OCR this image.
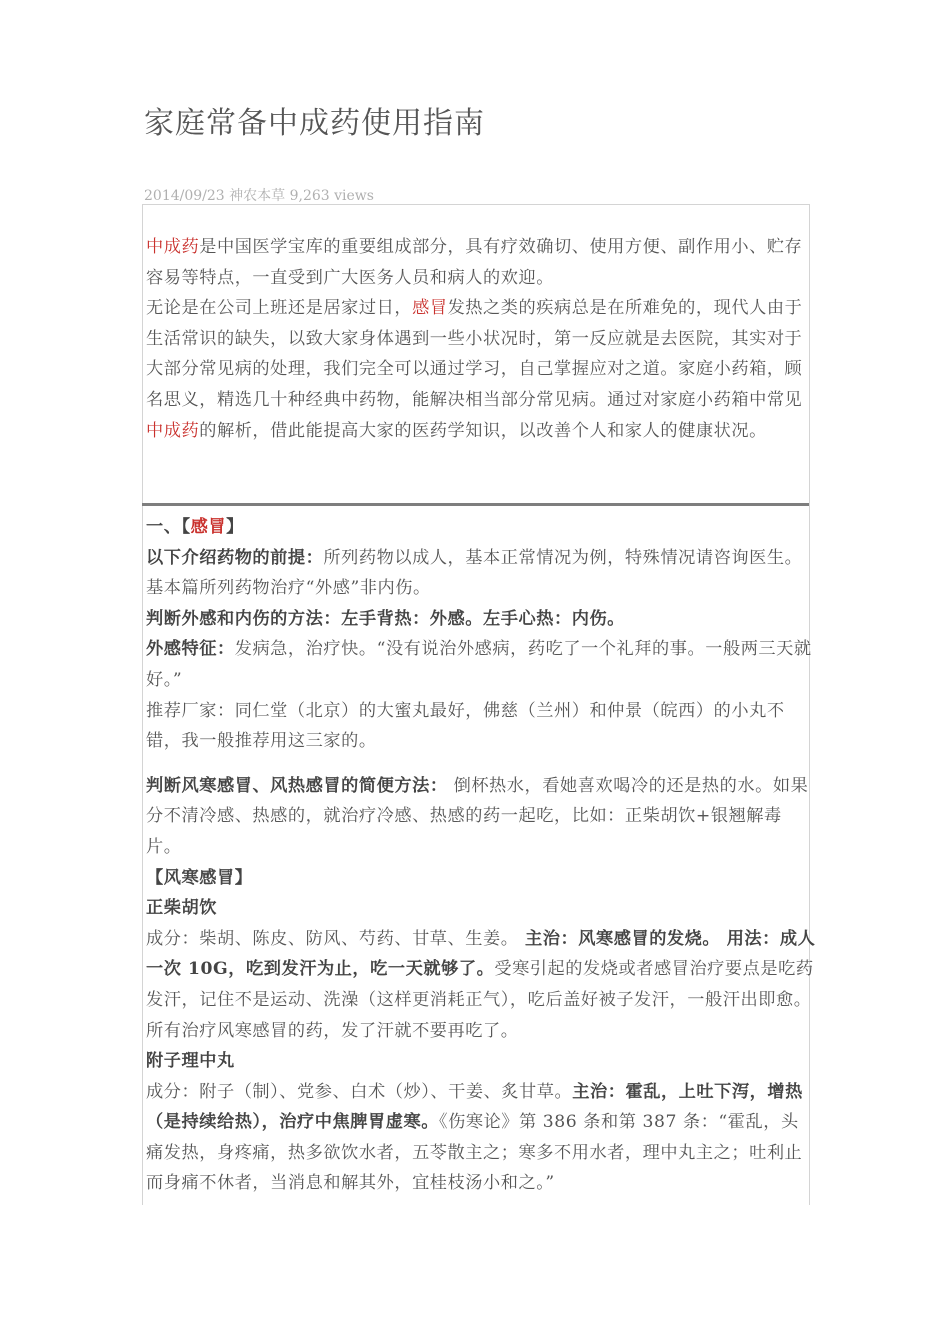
家庭常备中成药使用指南
2014/09/23 神农本草 9,263 views

中成药是中国医学宝库的重要组成部分，具有疗效确切、使用方便、副作用小、贮存容易等特点，一直受到广大医务人员和病人的欢迎。

无论是在公司上班还是居家过日，感冒发热之类的疾病总是在所难免的，现代人由于生活常识的缺失，以致大家身体遇到一些小状况时，第一反应就是去医院，其实对于大部分常见病的处理，我们完全可以通过学习，自己掌握应对之道。家庭小药箱，顾名思义，精选几十种经典中药物，能解决相当部分常见病。通过对家庭小药箱中常见中成药的解析，借此能提高大家的医药学知识，以改善个人和家人的健康状况。

一、【感冒】

以下介绍药物的前提：所列药物以成人，基本正常情况为例，特殊情况请咨询医生。基本篇所列药物治疗“外感”非内伤。

判断外感和内伤的方法：左手背热：外感。左手心热：内伤。

外感特征：发病急，治疗快。“没有说治外感病，药吃了一个礼拜的事。一般两三天就好。”

推荐厂家：同仁堂（北京）的大蜜丸最好，佛慈（兰州）和仲景（皖西）的小丸不错，我一般推荐用这三家的。

判断风寒感冒、风热感冒的简便方法： 倒杯热水，看她喜欢喝冷的还是热的水。如果分不清冷感、热感的，就治疗冷感、热感的药一起吃，比如：正柴胡饮+银翘解毒片。

【风寒感冒】

正柴胡饮

成分：柴胡、陈皮、防风、芍药、甘草、生姜。 主治：风寒感冒的发烧。 用法：成人一次 10G，吃到发汗为止，吃一天就够了。受寒引起的发烧或者感冒治疗要点是吃药发汗，记住不是运动、洗澡（这样更消耗正气），吃后盖好被子发汗，一般汗出即愈。所有治疗风寒感冒的药，发了汗就不要再吃了。

附子理中丸

成分：附子（制）、党参、白术（炒）、干姜、炙甘草。主治：霍乱，上吐下泻，增热（是持续给热），治疗中焦脾胃虚寒。《伤寒论》第 386 条和第 387 条：“霍乱，头痛发热，身疼痛，热多欲饮水者，五苓散主之；寒多不用水者，理中丸主之；吐利止而身痛不休者，当消息和解其外，宜桂枝汤小和之。”
